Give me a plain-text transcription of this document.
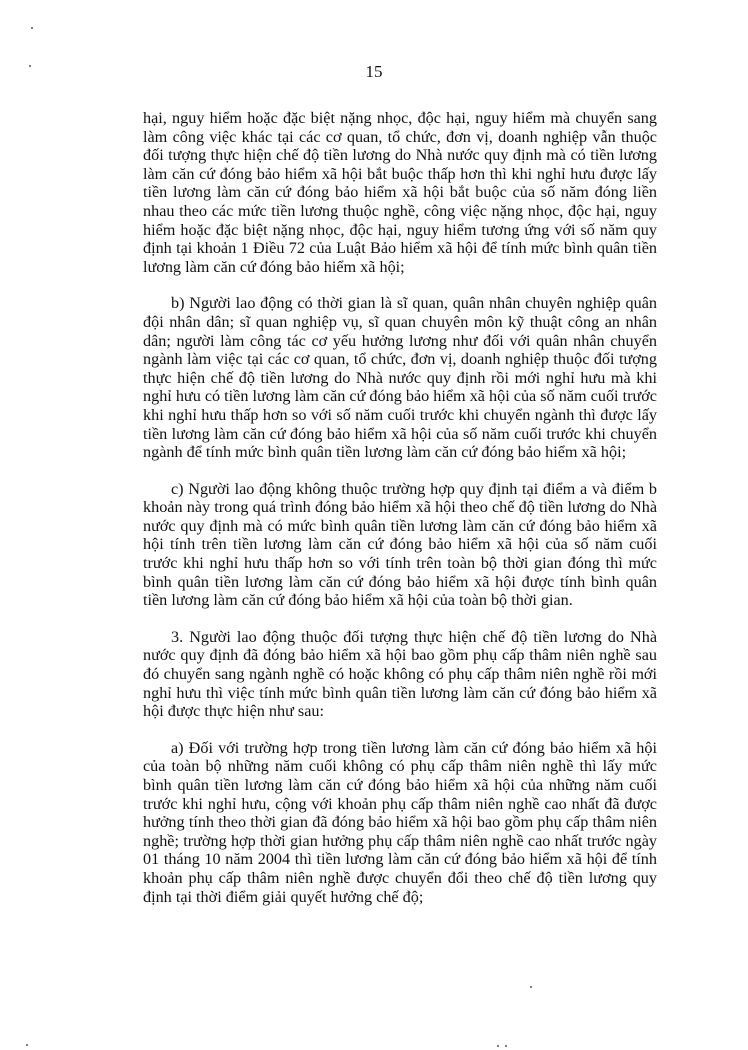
15

hại, nguy hiểm hoặc đặc biệt nặng nhọc, độc hại, nguy hiểm mà chuyển sang làm công việc khác tại các cơ quan, tổ chức, đơn vị, doanh nghiệp vẫn thuộc đối tượng thực hiện chế độ tiền lương do Nhà nước quy định mà có tiền lương làm căn cứ đóng bảo hiểm xã hội bắt buộc thấp hơn thì khi nghỉ hưu được lấy tiền lương làm căn cứ đóng bảo hiểm xã hội bắt buộc của số năm đóng liền nhau theo các mức tiền lương thuộc nghề, công việc nặng nhọc, độc hại, nguy hiểm hoặc đặc biệt nặng nhọc, độc hại, nguy hiểm tương ứng với số năm quy định tại khoản 1 Điều 72 của Luật Bảo hiểm xã hội để tính mức bình quân tiền lương làm căn cứ đóng bảo hiểm xã hội;

b) Người lao động có thời gian là sĩ quan, quân nhân chuyên nghiệp quân đội nhân dân; sĩ quan nghiệp vụ, sĩ quan chuyên môn kỹ thuật công an nhân dân; người làm công tác cơ yếu hưởng lương như đối với quân nhân chuyển ngành làm việc tại các cơ quan, tổ chức, đơn vị, doanh nghiệp thuộc đối tượng thực hiện chế độ tiền lương do Nhà nước quy định rồi mới nghỉ hưu mà khi nghỉ hưu có tiền lương làm căn cứ đóng bảo hiểm xã hội của số năm cuối trước khi nghỉ hưu thấp hơn so với số năm cuối trước khi chuyển ngành thì được lấy tiền lương làm căn cứ đóng bảo hiểm xã hội của số năm cuối trước khi chuyển ngành để tính mức bình quân tiền lương làm căn cứ đóng bảo hiểm xã hội;

c) Người lao động không thuộc trường hợp quy định tại điểm a và điểm b khoản này trong quá trình đóng bảo hiểm xã hội theo chế độ tiền lương do Nhà nước quy định mà có mức bình quân tiền lương làm căn cứ đóng bảo hiểm xã hội tính trên tiền lương làm căn cứ đóng bảo hiểm xã hội của số năm cuối trước khi nghỉ hưu thấp hơn so với tính trên toàn bộ thời gian đóng thì mức bình quân tiền lương làm căn cứ đóng bảo hiểm xã hội được tính bình quân tiền lương làm căn cứ đóng bảo hiểm xã hội của toàn bộ thời gian.

3. Người lao động thuộc đối tượng thực hiện chế độ tiền lương do Nhà nước quy định đã đóng bảo hiểm xã hội bao gồm phụ cấp thâm niên nghề sau đó chuyển sang ngành nghề có hoặc không có phụ cấp thâm niên nghề rồi mới nghỉ hưu thì việc tính mức bình quân tiền lương làm căn cứ đóng bảo hiểm xã hội được thực hiện như sau:

a) Đối với trường hợp trong tiền lương làm căn cứ đóng bảo hiểm xã hội của toàn bộ những năm cuối không có phụ cấp thâm niên nghề thì lấy mức bình quân tiền lương làm căn cứ đóng bảo hiểm xã hội của những năm cuối trước khi nghỉ hưu, cộng với khoản phụ cấp thâm niên nghề cao nhất đã được hưởng tính theo thời gian đã đóng bảo hiểm xã hội bao gồm phụ cấp thâm niên nghề; trường hợp thời gian hưởng phụ cấp thâm niên nghề cao nhất trước ngày 01 tháng 10 năm 2004 thì tiền lương làm căn cứ đóng bảo hiểm xã hội để tính khoản phụ cấp thâm niên nghề được chuyển đổi theo chế độ tiền lương quy định tại thời điểm giải quyết hưởng chế độ;
